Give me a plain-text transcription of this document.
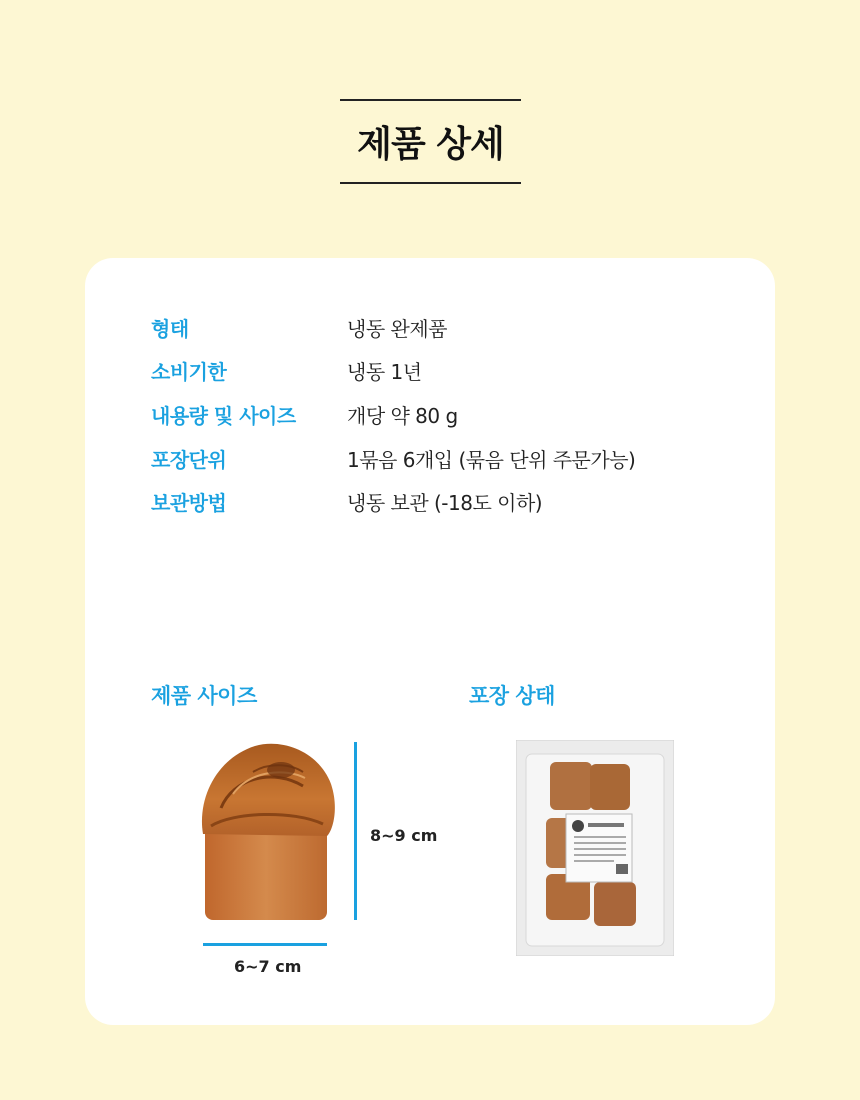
제품 상세
형태	냉동 완제품
소비기한	냉동 1년
내용량 및 사이즈	개당 약 80 g
포장단위	1묶음 6개입 (묶음 단위 주문가능)
보관방법	냉동 보관 (-18도 이하)
제품 사이즈	포장 상태
8~9 cm
6~7 cm
